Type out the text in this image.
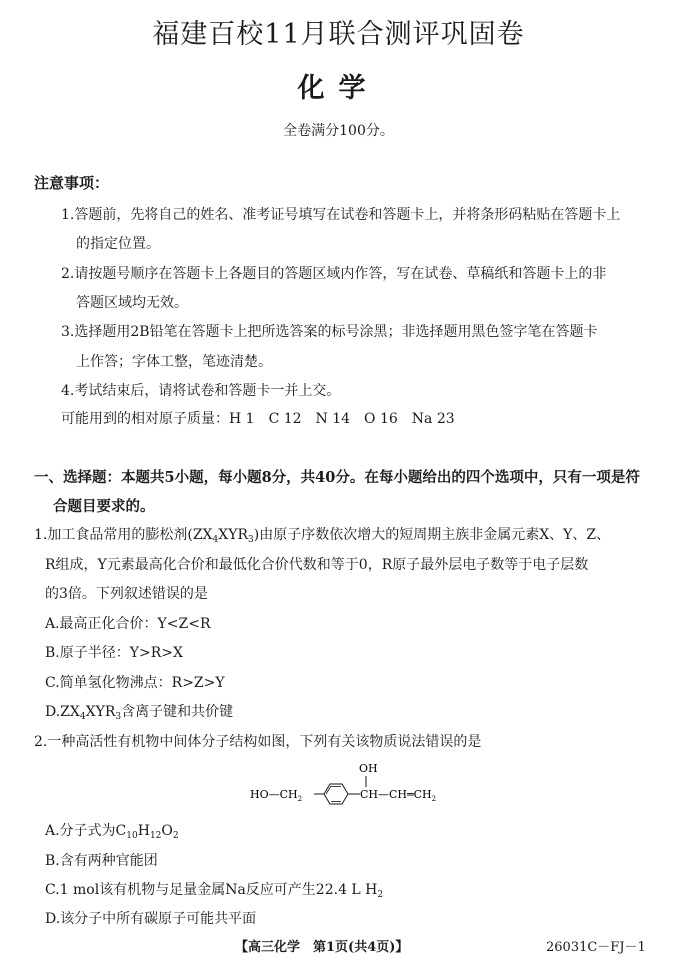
福建百校11月联合测评巩固卷
化学
全卷满分100分。
注意事项：
1.答题前，先将自己的姓名、准考证号填写在试卷和答题卡上，并将条形码粘贴在答题卡上
的指定位置。
2.请按题号顺序在答题卡上各题目的答题区域内作答，写在试卷、草稿纸和答题卡上的非
答题区域均无效。
3.选择题用2B铅笔在答题卡上把所选答案的标号涂黑；非选择题用黑色签字笔在答题卡
上作答；字体工整，笔迹清楚。
4.考试结束后，请将试卷和答题卡一并上交。
可能用到的相对原子质量：H 1　C 12　N 14　O 16　Na 23
一、选择题：本题共5小题，每小题8分，共40分。在每小题给出的四个选项中，只有一项是符
合题目要求的。
1.加工食品常用的膨松剂$(ZX_4XYR_3)$由原子序数依次增大的短周期主族非金属元素X、Y、Z、
R组成，Y元素最高化合价和最低化合价代数和等于0，R原子最外层电子数等于电子层数
的3倍。下列叙述错误的是
A.最高正化合价：Y<Z<R
B.原子半径：Y>R>X
C.简单氢化物沸点：R>Z>Y
$D.ZX_4XYR_3$含离子键和共价键
2.一种高活性有机物中间体分子结构如图，下列有关该物质说法错误的是
$HO—CH_2$	$CH—CH═CH_2$
OH
A.分子式为$C_{10}H_{12}O_2$
B.含有两种官能团
C.1 mol该有机物与足量金属Na反应可产生22.4 L $H_2$
D.该分子中所有碳原子可能共平面
【高三化学　第1页(共4页)】	26031C－FJ－1
